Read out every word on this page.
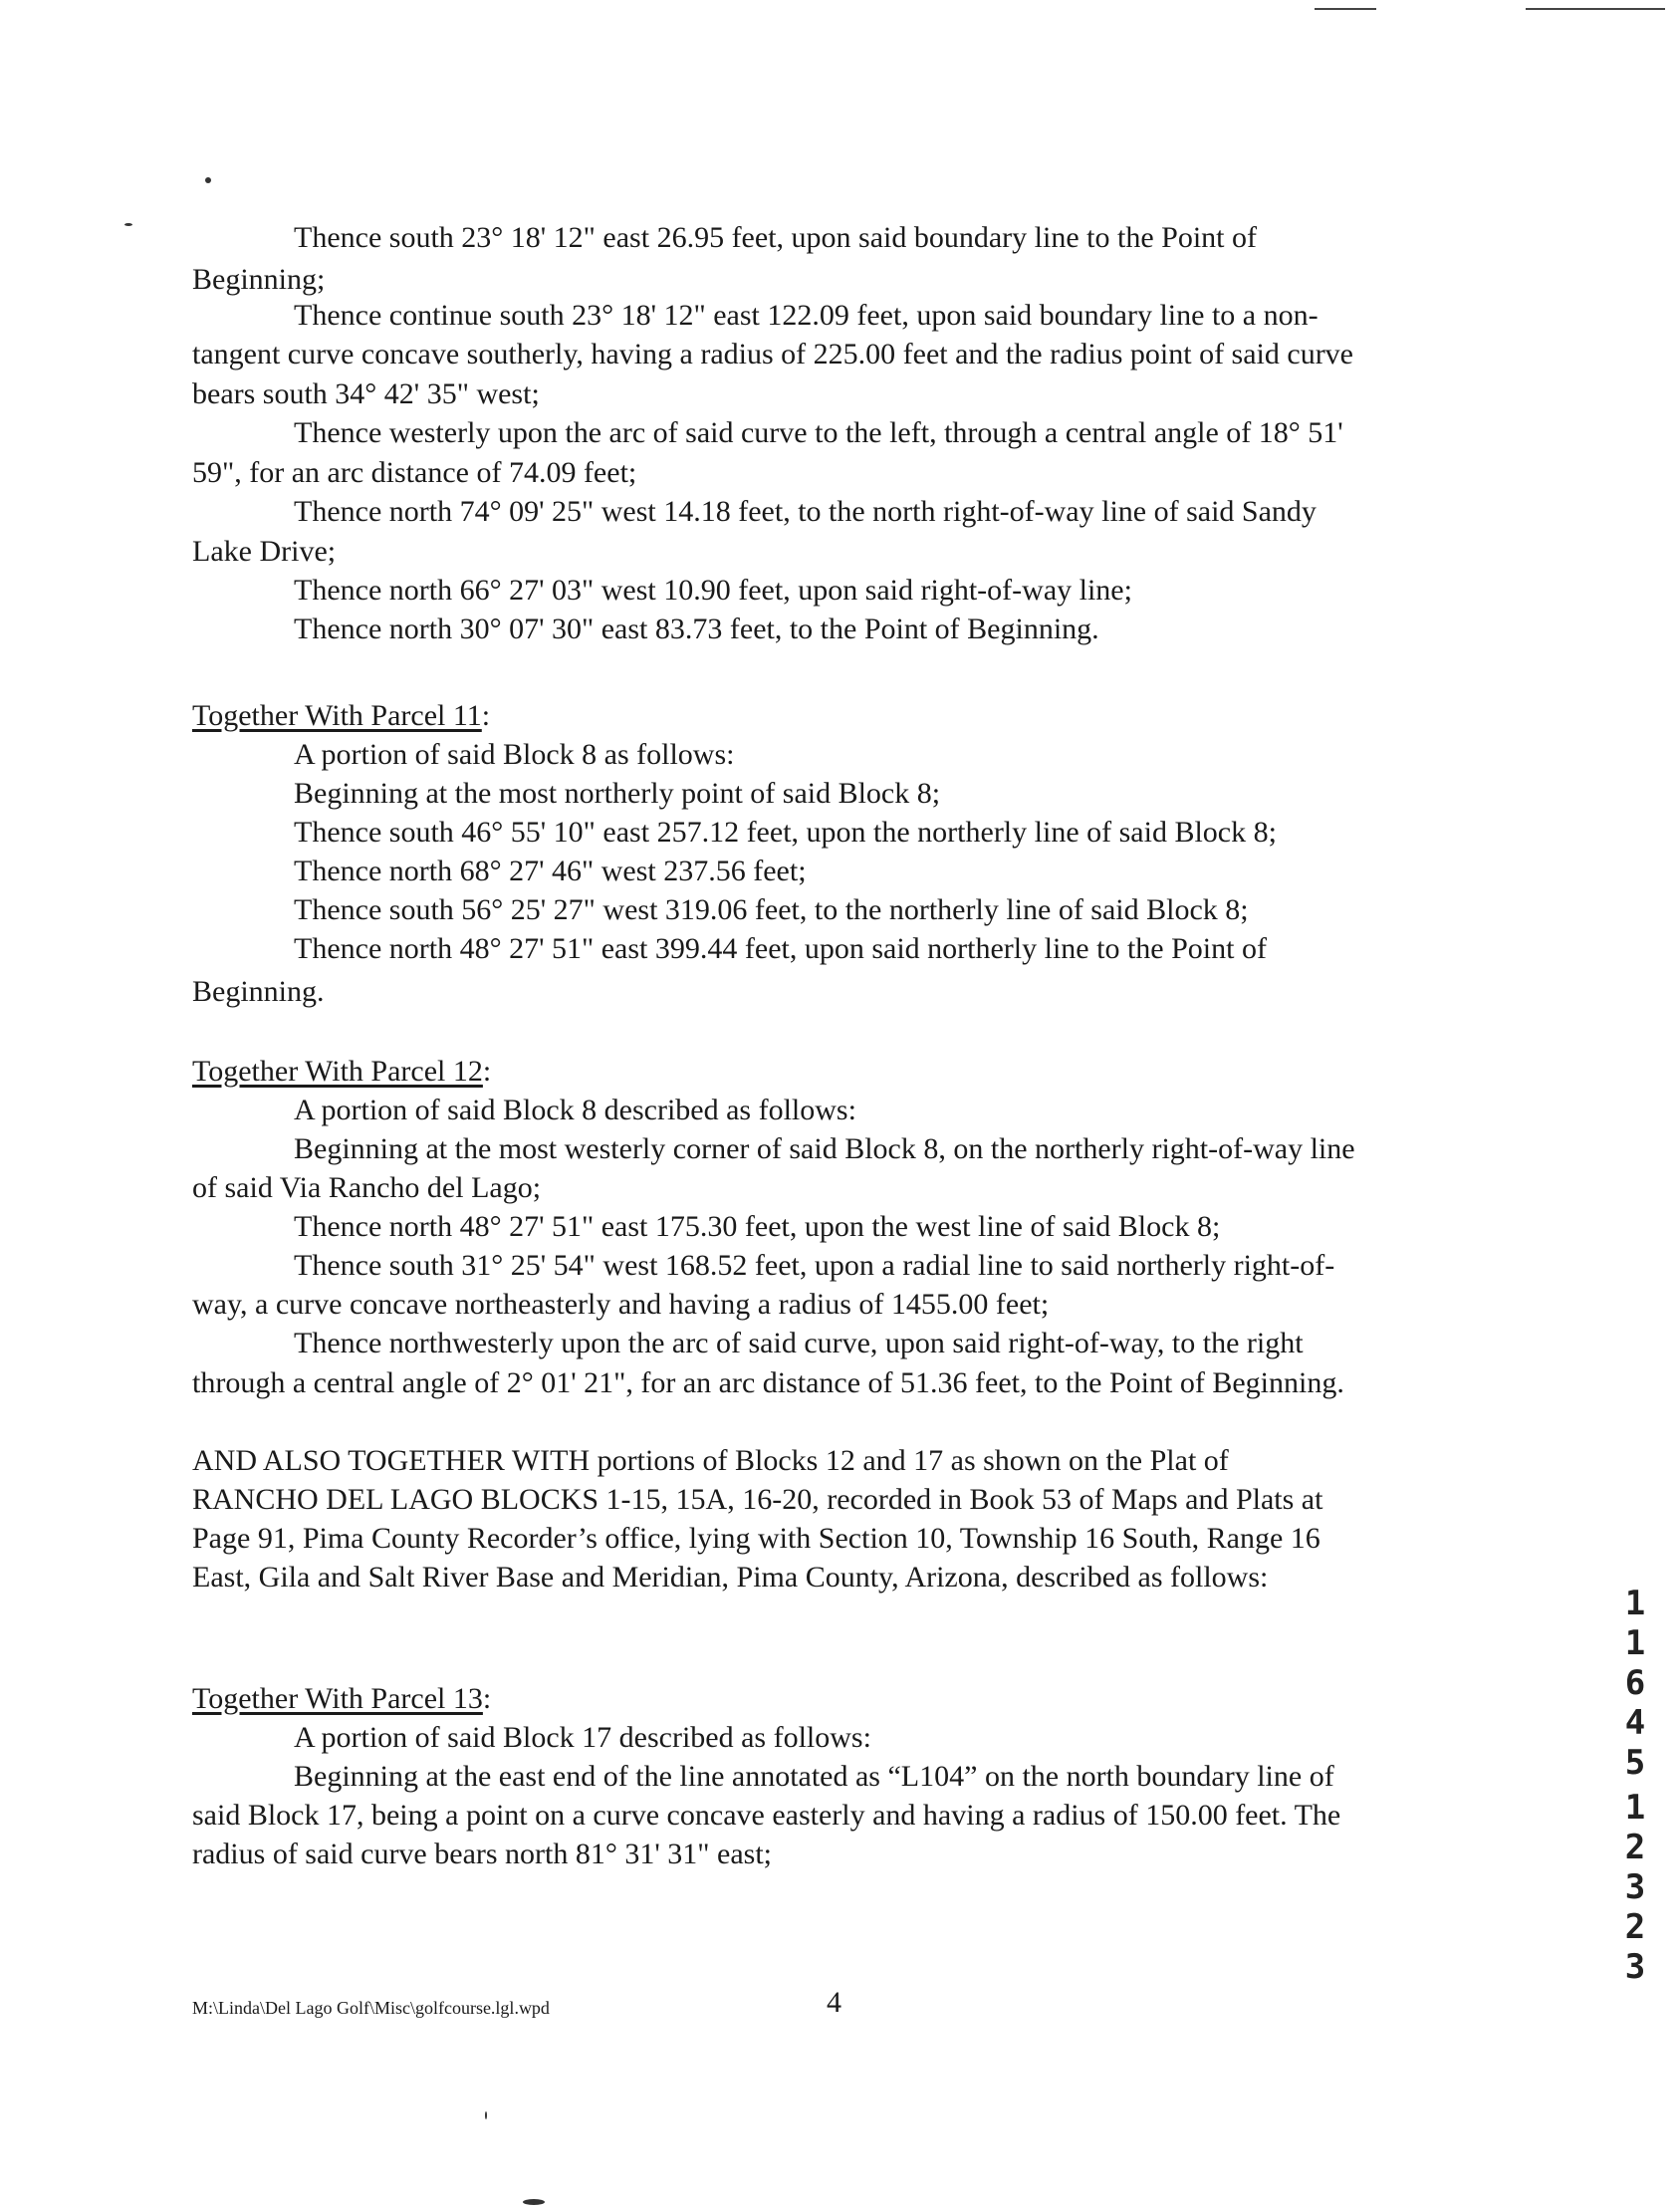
Thence south 23° 18' 12" east 26.95 feet, upon said boundary line to the Point of
Beginning;
Thence continue south 23° 18' 12" east 122.09 feet, upon said boundary line to a non-
tangent curve concave southerly, having a radius of 225.00 feet and the radius point of said curve
bears south 34° 42' 35" west;
Thence westerly upon the arc of said curve to the left, through a central angle of 18° 51'
59", for an arc distance of 74.09 feet;
Thence north 74° 09' 25" west 14.18 feet, to the north right-of-way line of said Sandy
Lake Drive;
Thence north 66° 27' 03" west 10.90 feet, upon said right-of-way line;
Thence north 30° 07' 30" east 83.73 feet, to the Point of Beginning.
Together With Parcel 11:
A portion of said Block 8 as follows:
Beginning at the most northerly point of said Block 8;
Thence south 46° 55' 10" east 257.12 feet, upon the northerly line of said Block 8;
Thence north 68° 27' 46" west 237.56 feet;
Thence south 56° 25' 27" west 319.06 feet, to the northerly line of said Block 8;
Thence north 48° 27' 51" east 399.44 feet, upon said northerly line to the Point of
Beginning.
Together With Parcel 12:
A portion of said Block 8 described as follows:
Beginning at the most westerly corner of said Block 8, on the northerly right-of-way line
of said Via Rancho del Lago;
Thence north 48° 27' 51" east 175.30 feet, upon the west line of said Block 8;
Thence south 31° 25' 54" west 168.52 feet, upon a radial line to said northerly right-of-
way, a curve concave northeasterly and having a radius of 1455.00 feet;
Thence northwesterly upon the arc of said curve, upon said right-of-way, to the right
through a central angle of 2° 01' 21", for an arc distance of 51.36 feet, to the Point of Beginning.
AND ALSO TOGETHER WITH portions of Blocks 12 and 17 as shown on the Plat of
RANCHO DEL LAGO BLOCKS 1-15, 15A, 16-20, recorded in Book 53 of Maps and Plats at
Page 91, Pima County Recorder’s office, lying with Section 10, Township 16 South, Range 16
East, Gila and Salt River Base and Meridian, Pima County, Arizona, described as follows:
Together With Parcel 13:
A portion of said Block 17 described as follows:
Beginning at the east end of the line annotated as “L104” on the north boundary line of
said Block 17, being a point on a curve concave easterly and having a radius of 150.00 feet. The
radius of said curve bears north 81° 31' 31" east;
1
1
6
4
5
1
2
3
2
3
M:\Linda\Del Lago Golf\Misc\golfcourse.lgl.wpd	4
